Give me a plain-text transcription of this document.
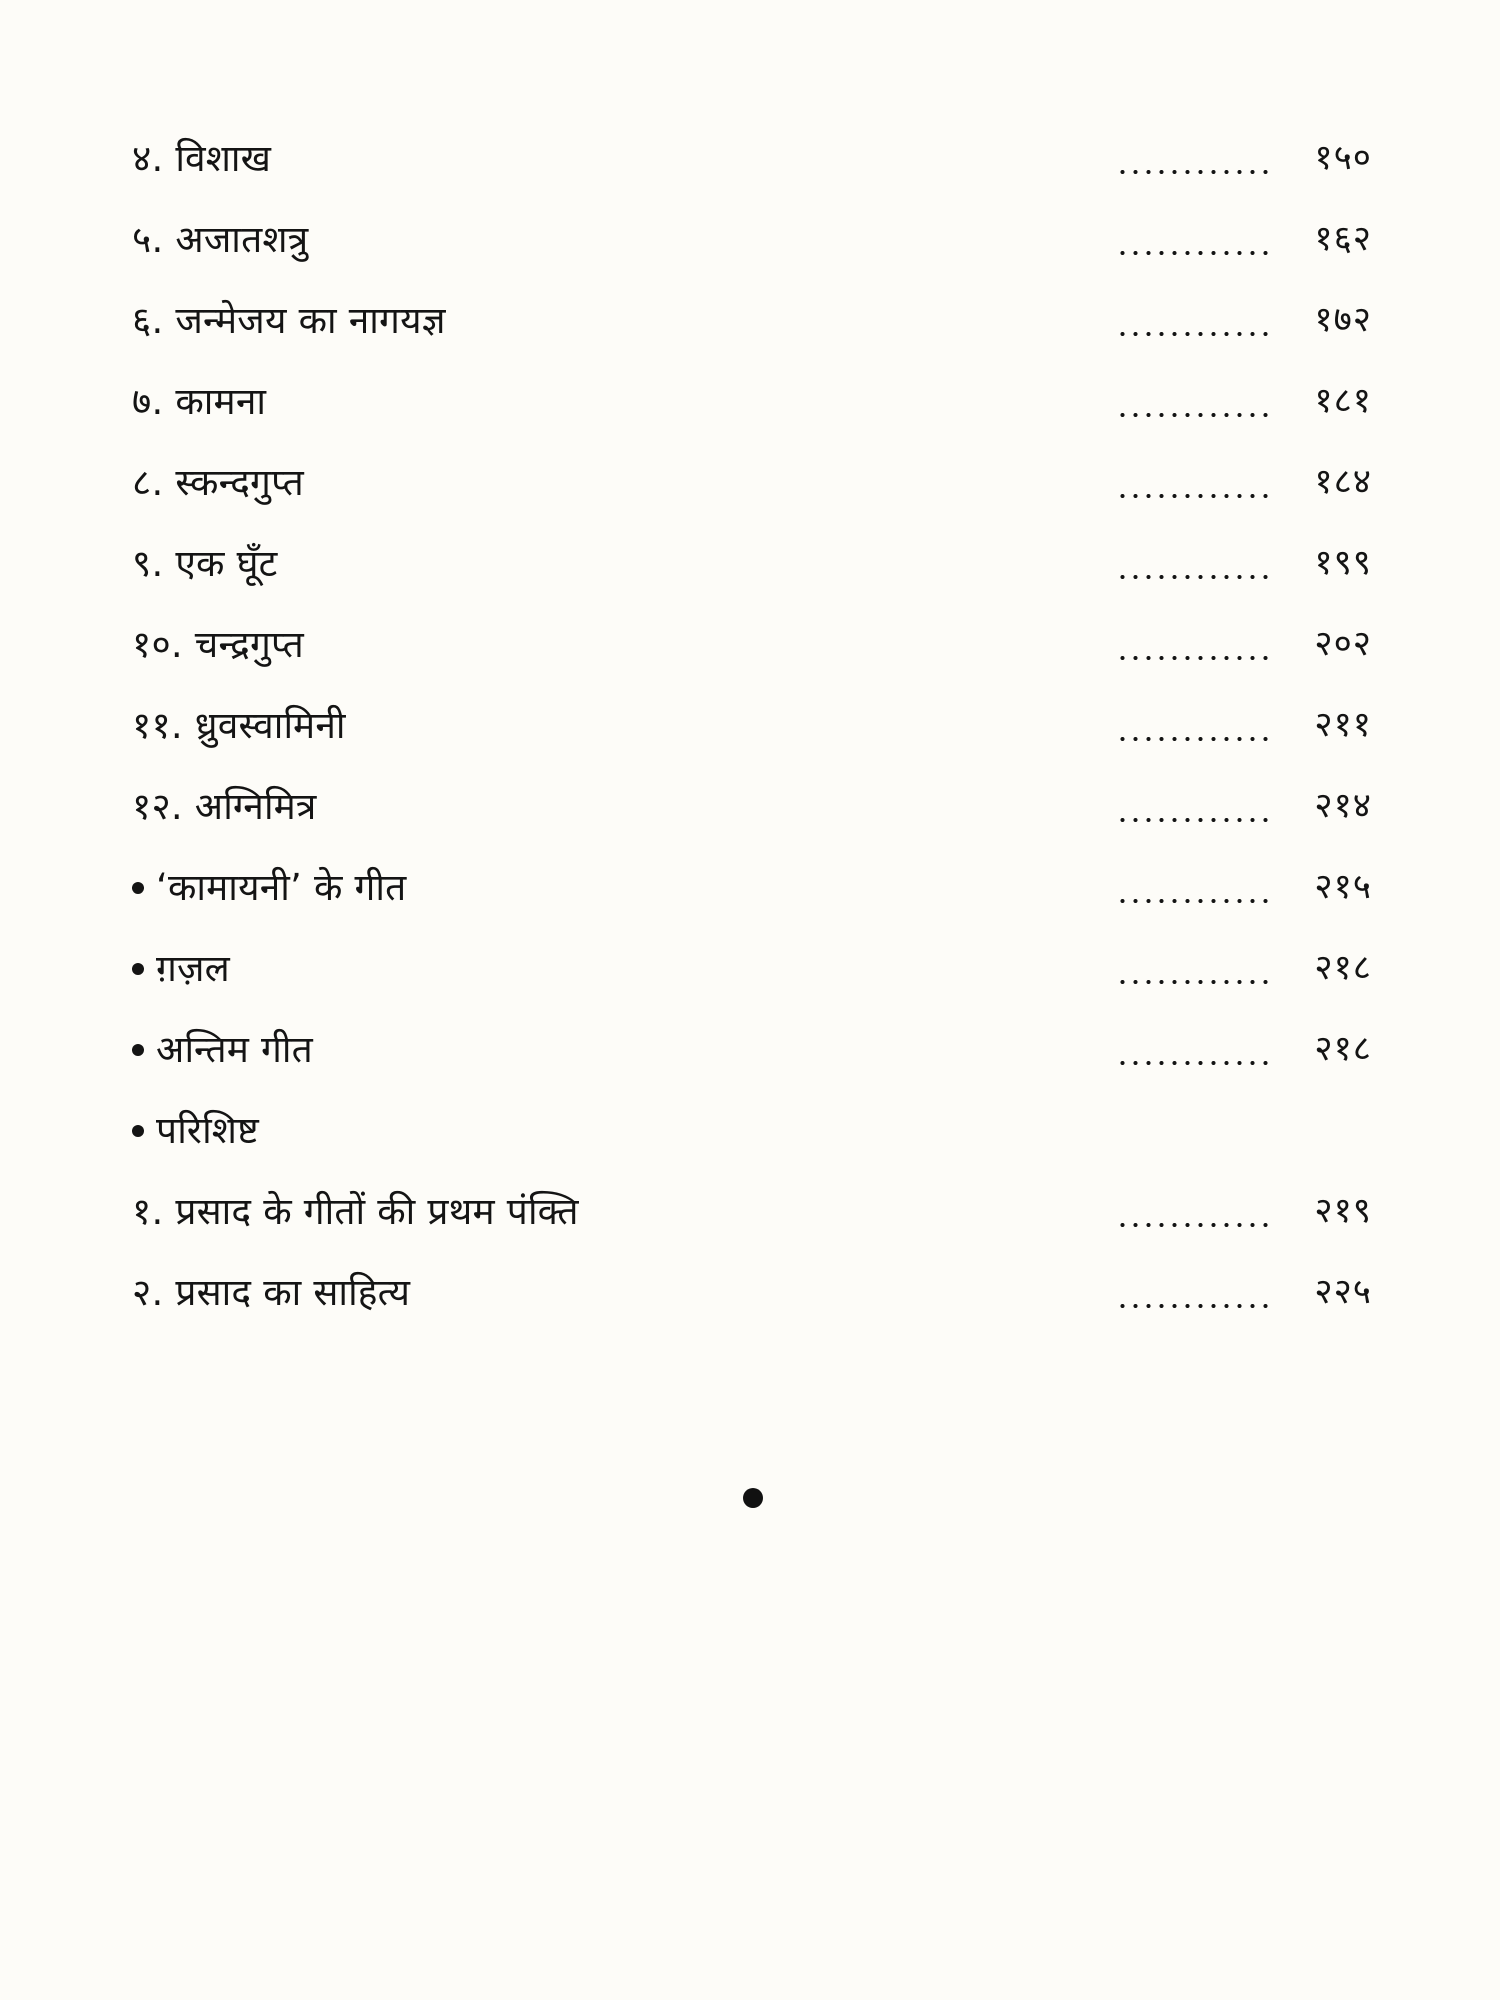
४. विशाख	१५०
५. अजातशत्रु	१६२
६. जन्मेजय का नागयज्ञ	१७२
७. कामना	१८१
८. स्कन्दगुप्त	१८४
९. एक घूँट	१९९
१०. चन्द्रगुप्त	२०२
११. ध्रुवस्वामिनी	२११
१२. अग्निमित्र	२१४
‘कामायनी’ के गीत	२१५
ग़ज़ल	२१८
अन्तिम गीत	२१८
परिशिष्ट
१. प्रसाद के गीतों की प्रथम पंक्ति	२१९
२. प्रसाद का साहित्य	२२५
